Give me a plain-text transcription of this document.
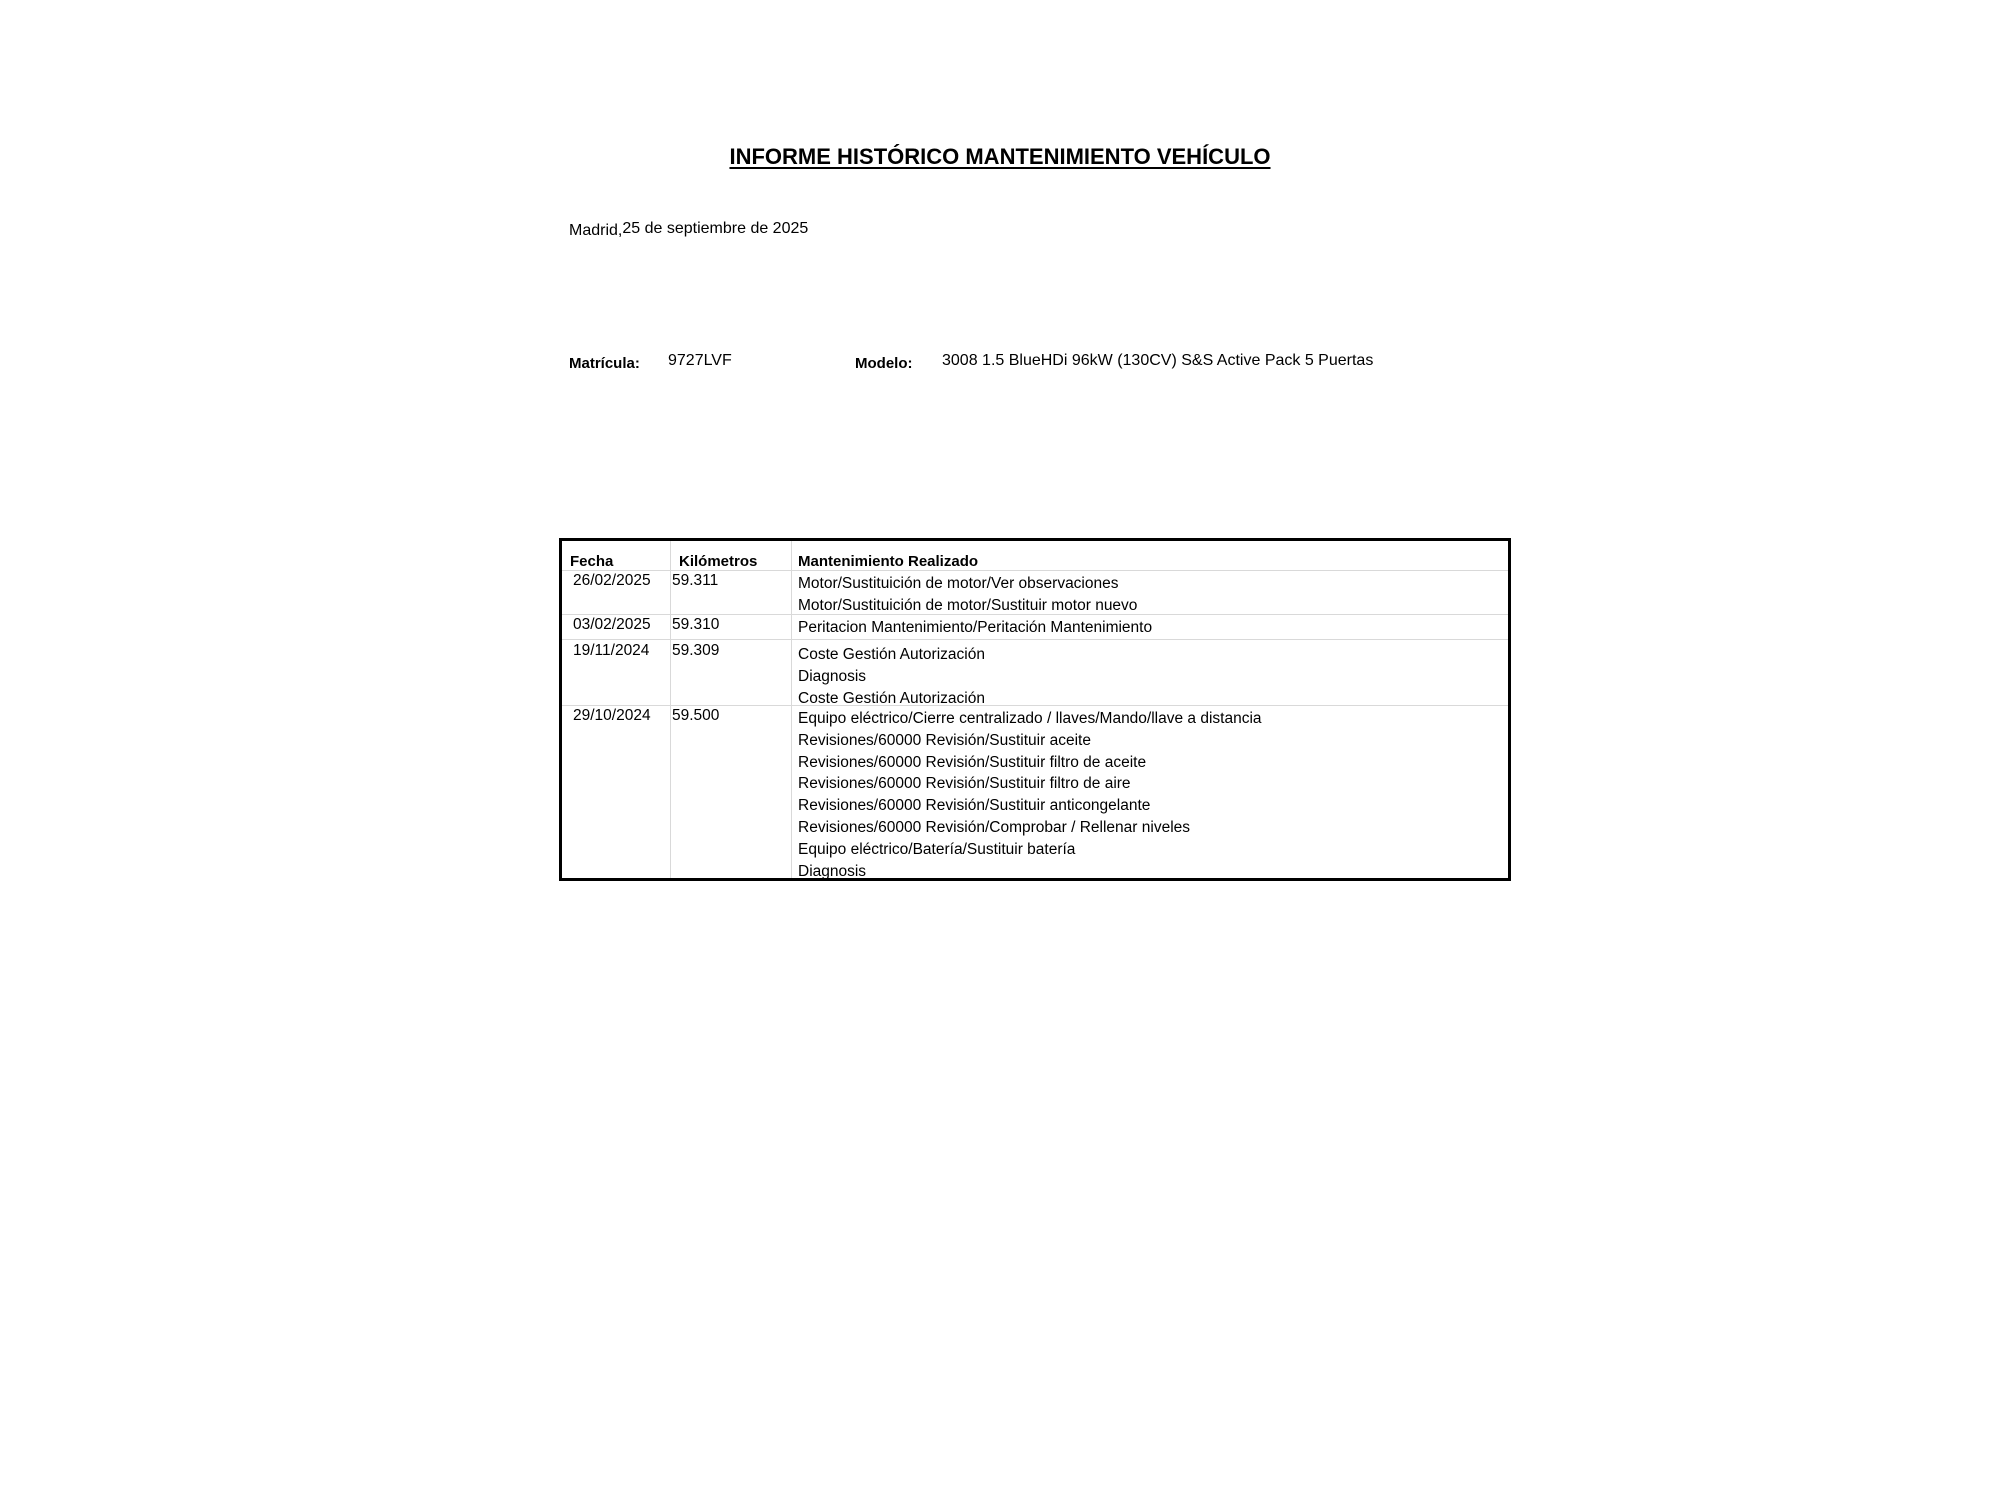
INFORME HISTÓRICO MANTENIMIENTO VEHÍCULO
Madrid,25 de septiembre de 2025
Matrícula: 9727LVF	Modelo: 3008 1.5 BlueHDi 96kW (130CV) S&S Active Pack 5 Puertas
Fecha	Kilómetros	Mantenimiento Realizado
26/02/2025 59.311	Motor/Sustituición de motor/Ver observaciones
Motor/Sustituición de motor/Sustituir motor nuevo
03/02/2025 59.310	Peritacion Mantenimiento/Peritación Mantenimiento
19/11/2024 59.309	Coste Gestión Autorización
Diagnosis
Coste Gestión Autorización
29/10/2024 59.500	Equipo eléctrico/Cierre centralizado / llaves/Mando/llave a distancia
Revisiones/60000 Revisión/Sustituir aceite
Revisiones/60000 Revisión/Sustituir filtro de aceite
Revisiones/60000 Revisión/Sustituir filtro de aire
Revisiones/60000 Revisión/Sustituir anticongelante
Revisiones/60000 Revisión/Comprobar / Rellenar niveles
Equipo eléctrico/Batería/Sustituir batería
Diagnosis
